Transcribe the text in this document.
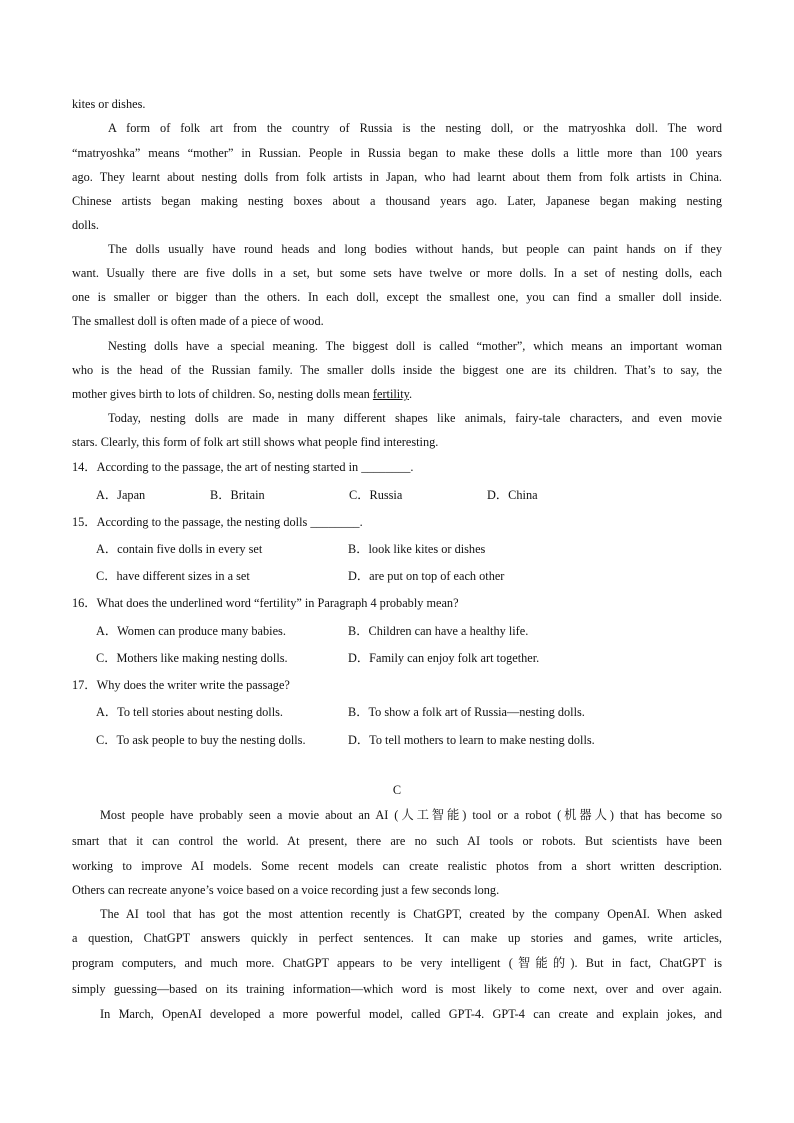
kites or dishes.
A form of folk art from the country of Russia is the nesting doll, or the matryoshka doll. The word
“matryoshka” means “mother” in Russian. People in Russia began to make these dolls a little more than 100 years
ago. They learnt about nesting dolls from folk artists in Japan, who had learnt about them from folk artists in China.
Chinese artists began making nesting boxes about a thousand years ago. Later, Japanese began making nesting
dolls.
The dolls usually have round heads and long bodies without hands, but people can paint hands on if they
want. Usually there are five dolls in a set, but some sets have twelve or more dolls. In a set of nesting dolls, each
one is smaller or bigger than the others. In each doll, except the smallest one, you can find a smaller doll inside.
The smallest doll is often made of a piece of wood.
Nesting dolls have a special meaning. The biggest doll is called “mother”, which means an important woman
who is the head of the Russian family. The smaller dolls inside the biggest one are its children. That’s to say, the
mother gives birth to lots of children. So, nesting dolls mean fertility.
Today, nesting dolls are made in many different shapes like animals, fairy-tale characters, and even movie
stars. Clearly, this form of folk art still shows what people find interesting.
14．According to the passage, the art of nesting started in ________.
A．Japan	B．Britain	C．Russia	D．China
15．According to the passage, the nesting dolls ________.
A．contain five dolls in every set	B．look like kites or dishes
C．have different sizes in a set	D．are put on top of each other
16．What does the underlined word “fertility” in Paragraph 4 probably mean?
A．Women can produce many babies.	B．Children can have a healthy life.
C．Mothers like making nesting dolls.	D．Family can enjoy folk art together.
17．Why does the writer write the passage?
A．To tell stories about nesting dolls.	B．To show a folk art of Russia—nesting dolls.
C．To ask people to buy the nesting dolls.	D．To tell mothers to learn to make nesting dolls.
C
Most people have probably seen a movie about an AI (人工智能) tool or a robot (机器人) that has become so
smart that it can control the world. At present, there are no such AI tools or robots. But scientists have been
working to improve AI models. Some recent models can create realistic photos from a short written description.
Others can recreate anyone’s voice based on a voice recording just a few seconds long.
The AI tool that has got the most attention recently is ChatGPT, created by the company OpenAI. When asked
a question, ChatGPT answers quickly in perfect sentences. It can make up stories and games, write articles,
program computers, and much more. ChatGPT appears to be very intelligent (智能的). But in fact, ChatGPT is
simply guessing—based on its training information—which word is most likely to come next, over and over again.
In March, OpenAI developed a more powerful model, called GPT-4. GPT-4 can create and explain jokes, and
